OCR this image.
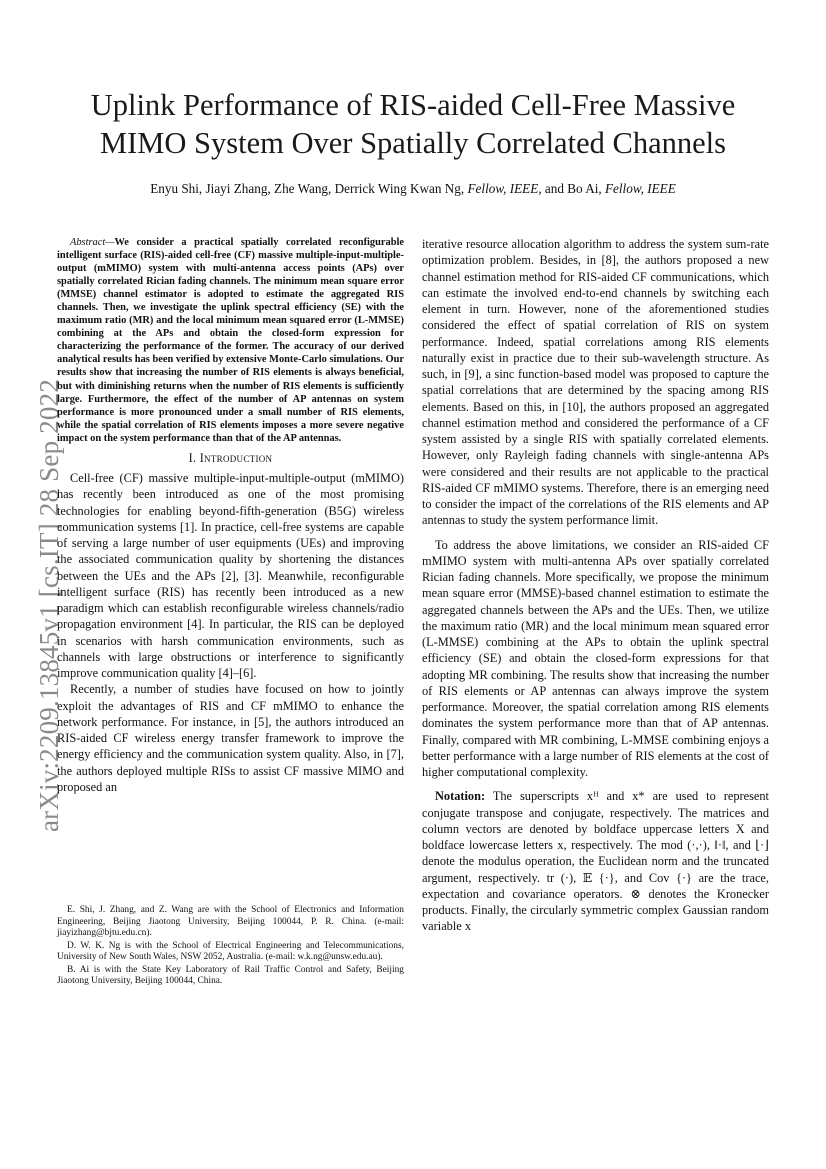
Uplink Performance of RIS-aided Cell-Free Massive
MIMO System Over Spatially Correlated Channels
Enyu Shi, Jiayi Zhang, Zhe Wang, Derrick Wing Kwan Ng, Fellow, IEEE, and Bo Ai, Fellow, IEEE
arXiv:2209.13845v1 [cs.IT] 28 Sep 2022

Abstract—We consider a practical spatially correlated reconfigurable intelligent surface (RIS)-aided cell-free (CF) massive multiple-input-multiple-output (mMIMO) system with multi-antenna access points (APs) over spatially correlated Rician fading channels. The minimum mean square error (MMSE) channel estimator is adopted to estimate the aggregated RIS channels. Then, we investigate the uplink spectral efficiency (SE) with the maximum ratio (MR) and the local minimum mean squared error (L-MMSE) combining at the APs and obtain the closed-form expression for characterizing the performance of the former. The accuracy of our derived analytical results has been verified by extensive Monte-Carlo simulations. Our results show that increasing the number of RIS elements is always beneficial, but with diminishing returns when the number of RIS elements is sufficiently large. Furthermore, the effect of the number of AP antennas on system performance is more pronounced under a small number of RIS elements, while the spatial correlation of RIS elements imposes a more severe negative impact on the system performance than that of the AP antennas.

I. Introduction

Cell-free (CF) massive multiple-input-multiple-output (mMIMO) has recently been introduced as one of the most promising technologies for enabling beyond-fifth-generation (B5G) wireless communication systems [1]. In practice, cell-free systems are capable of serving a large number of user equipments (UEs) and improving the associated communication quality by shortening the distances between the UEs and the APs [2], [3]. Meanwhile, reconfigurable intelligent surface (RIS) has recently been introduced as a new paradigm which can establish reconfigurable wireless channels/radio propagation environment [4]. In particular, the RIS can be deployed in scenarios with harsh communication environments, such as channels with large obstructions or interference to significantly improve communication quality [4]–[6].

Recently, a number of studies have focused on how to jointly exploit the advantages of RIS and CF mMIMO to enhance the network performance. For instance, in [5], the authors introduced an RIS-aided CF wireless energy transfer framework to improve the energy efficiency and the communication system quality. Also, in [7], the authors deployed multiple RISs to assist CF massive MIMO and proposed an

E. Shi, J. Zhang, and Z. Wang are with the School of Electronics and Information Engineering, Beijing Jiaotong University, Beijing 100044, P. R. China. (e-mail: jiayizhang@bjtu.edu.cn).

D. W. K. Ng is with the School of Electrical Engineering and Telecommunications, University of New South Wales, NSW 2052, Australia. (e-mail: w.k.ng@unsw.edu.au).

B. Ai is with the State Key Laboratory of Rail Traffic Control and Safety, Beijing Jiaotong University, Beijing 100044, China.

iterative resource allocation algorithm to address the system sum-rate optimization problem. Besides, in [8], the authors proposed a new channel estimation method for RIS-aided CF communications, which can estimate the involved end-to-end channels by switching each element in turn. However, none of the aforementioned studies considered the effect of spatial correlation of RIS on system performance. Indeed, spatial correlations among RIS elements naturally exist in practice due to their sub-wavelength structure. As such, in [9], a sinc function-based model was proposed to capture the spatial correlations that are determined by the spacing among RIS elements. Based on this, in [10], the authors proposed an aggregated channel estimation method and considered the performance of a CF system assisted by a single RIS with spatially correlated elements. However, only Rayleigh fading channels with single-antenna APs were considered and their results are not applicable to the practical RIS-aided CF mMIMO systems. Therefore, there is an emerging need to consider the impact of the correlations of the RIS elements and AP antennas to study the system performance limit.

To address the above limitations, we consider an RIS-aided CF mMIMO system with multi-antenna APs over spatially correlated Rician fading channels. More specifically, we propose the minimum mean square error (MMSE)-based channel estimation to estimate the aggregated channels between the APs and the UEs. Then, we utilize the maximum ratio (MR) and the local minimum mean squared error (L-MMSE) combining at the APs to obtain the uplink spectral efficiency (SE) and obtain the closed-form expressions for that adopting MR combining. The results show that increasing the number of RIS elements or AP antennas can always improve the system performance. Moreover, the spatial correlation among RIS elements dominates the system performance more than that of AP antennas. Finally, compared with MR combining, L-MMSE combining enjoys a better performance with a large number of RIS elements at the cost of higher computational complexity.

Notation: The superscripts xᴴ and x* are used to represent conjugate transpose and conjugate, respectively. The matrices and column vectors are denoted by boldface uppercase letters X and boldface lowercase letters x, respectively. The mod (·,·), ‖·‖, and ⌊·⌋ denote the modulus operation, the Euclidean norm and the truncated argument, respectively. tr (·), 𝔼 {·}, and Cov {·} are the trace, expectation and covariance operators. ⊗ denotes the Kronecker products. Finally, the circularly symmetric complex Gaussian random variable x
